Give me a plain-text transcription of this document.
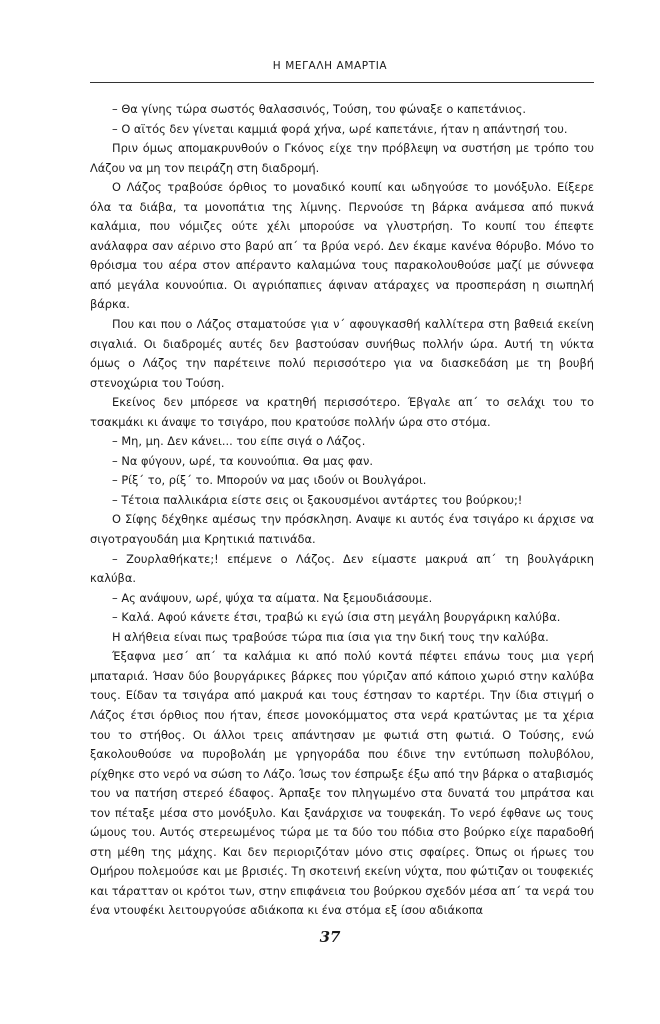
Η ΜΕΓΑΛΗ ΑΜΑΡΤΙΑ

– Θα γίνης τώρα σωστός θαλασσινός, Τούση, του φώναξε ο καπετάνιος.

– Ο αϊτός δεν γίνεται καμμιά φορά χήνα, ωρέ καπετάνιε, ήταν η απάντησή του.

Πριν όμως απομακρυνθούν ο Γκόνος είχε την πρόβλεψη να συστήση με τρόπο του Λάζου να μη τον πειράζη στη διαδρομή.

Ο Λάζος τραβούσε όρθιος το μοναδικό κουπί και ωδηγούσε το μονόξυλο. Είξερε όλα τα διάβα, τα μονοπάτια της λίμνης. Περνούσε τη βάρκα ανάμεσα από πυκνά καλάμια, που νόμιζες ούτε χέλι μπορούσε να γλυστρήση. Το κουπί του έπεφτε ανάλαφρα σαν αέρινο στο βαρύ απ΄ τα βρύα νερό. Δεν έκαμε κανένα θόρυβο. Μόνο το θρόισμα του αέρα στον απέραντο καλαμώνα τους παρακολουθούσε μαζί με σύννεφα από μεγάλα κουνούπια. Οι αγριόπαπιες άφιναν ατάραχες να προσπεράση η σιωπηλή βάρκα.

Που και που ο Λάζος σταματούσε για ν΄ αφουγκασθή καλλίτερα στη βαθειά εκείνη σιγαλιά. Οι διαδρομές αυτές δεν βαστούσαν συνήθως πολλήν ώρα. Αυτή τη νύκτα όμως ο Λάζος την παρέτεινε πολύ περισσότερο για να διασκεδάση με τη βουβή στενοχώρια του Τούση.

Εκείνος δεν μπόρεσε να κρατηθή περισσότερο. Έβγαλε απ΄ το σελάχι του το τσακμάκι κι άναψε το τσιγάρο, που κρατούσε πολλήν ώρα στο στόμα.

– Μη, μη. Δεν κάνει... του είπε σιγά ο Λάζος.

– Να φύγουν, ωρέ, τα κουνούπια. Θα μας φαν.

– Ρίξ΄ το, ρίξ΄ το. Μπορούν να μας ιδούν οι Βουλγάροι.

– Τέτοια παλλικάρια είστε σεις οι ξακουσμένοι αντάρτες του βούρκου;!

Ο Σίφης δέχθηκε αμέσως την πρόσκληση. Αναψε κι αυτός ένα τσιγάρο κι άρχισε να σιγοτραγουδάη μια Κρητικιά πατινάδα.

– Ζουρλαθήκατε;! επέμενε ο Λάζος. Δεν είμαστε μακρυά απ΄ τη βουλγάρικη καλύβα.

– Ας ανάψουν, ωρέ, ψύχα τα αίματα. Να ξεμουδιάσουμε.

– Καλά. Αφού κάνετε έτσι, τραβώ κι εγώ ίσια στη μεγάλη βουργάρικη καλύβα.

Η αλήθεια είναι πως τραβούσε τώρα πια ίσια για την δική τους την καλύβα.

Έξαφνα μεσ΄ απ΄ τα καλάμια κι από πολύ κοντά πέφτει επάνω τους μια γερή μπαταριά. Ήσαν δύο βουργάρικες βάρκες που γύριζαν από κάποιο χωριό στην καλύβα τους. Είδαν τα τσιγάρα από μακρυά και τους έστησαν το καρτέρι. Την ίδια στιγμή ο Λάζος έτσι όρθιος που ήταν, έπεσε μονοκόμματος στα νερά κρατώντας με τα χέρια του το στήθος. Οι άλλοι τρεις απάντησαν με φωτιά στη φωτιά. Ο Τούσης, ενώ ξακολουθούσε να πυροβολάη με γρηγοράδα που έδινε την εντύπωση πολυβόλου, ρίχθηκε στο νερό να σώση το Λάζο. Ίσως τον έσπρωξε έξω από την βάρκα ο αταβισμός του να πατήση στερεό έδαφος. Άρπαξε τον πληγωμένο στα δυνατά του μπράτσα και τον πέταξε μέσα στο μονόξυλο. Και ξανάρχισε να τουφεκάη. Το νερό έφθανε ως τους ώμους του. Αυτός στερεωμένος τώρα με τα δύο του πόδια στο βούρκο είχε παραδοθή στη μέθη της μάχης. Και δεν περιοριζόταν μόνο στις σφαίρες. Όπως οι ήρωες του Ομήρου πολεμούσε και με βρισιές. Τη σκοτεινή εκείνη νύχτα, που φώτιζαν οι τουφεκιές και τάρατταν οι κρότοι των, στην επιφάνεια του βούρκου σχεδόν μέσα απ΄ τα νερά του ένα ντουφέκι λειτουργούσε αδιάκοπα κι ένα στόμα εξ ίσου αδιάκοπα

37
